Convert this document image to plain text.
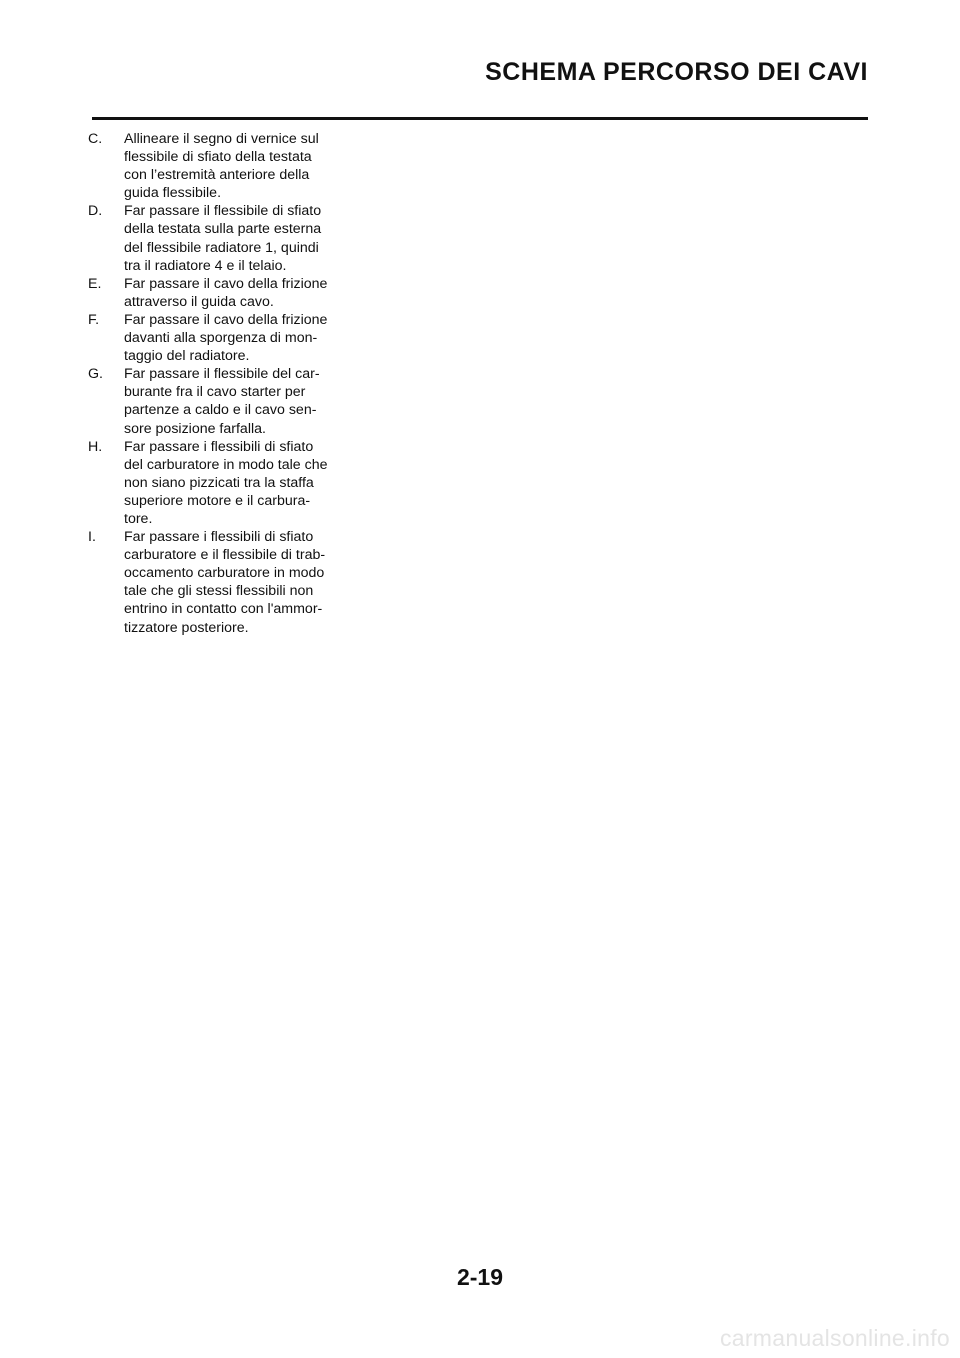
SCHEMA PERCORSO DEI CAVI
C.	Allineare il segno di vernice sul
flessibile di sfiato della testata
con l’estremità anteriore della
guida flessibile.
D.	Far passare il flessibile di sfiato
della testata sulla parte esterna
del flessibile radiatore 1, quindi
tra il radiatore 4 e il telaio.
E.	Far passare il cavo della frizione
attraverso il guida cavo.
F.	Far passare il cavo della frizione
davanti alla sporgenza di mon-
taggio del radiatore.
G.	Far passare il flessibile del car-
burante fra il cavo starter per
partenze a caldo e il cavo sen-
sore posizione farfalla.
H.	Far passare i flessibili di sfiato
del carburatore in modo tale che
non siano pizzicati tra la staffa
superiore motore e il carbura-
tore.
I.	Far passare i flessibili di sfiato
carburatore e il flessibile di trab-
occamento carburatore in modo
tale che gli stessi flessibili non
entrino in contatto con l'ammor-
tizzatore posteriore.
2-19
carmanualsonline.info
